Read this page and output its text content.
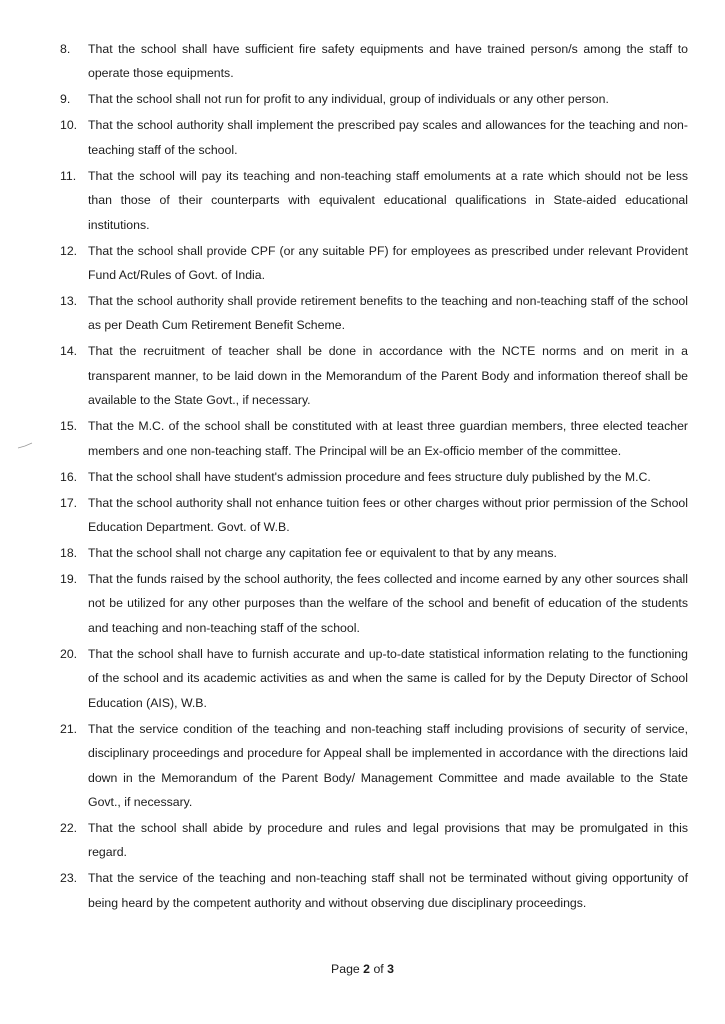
8.	That the school shall have sufficient fire safety equipments and have trained person/s among the staff to operate those equipments.
9.	That the school shall not run for profit to any individual, group of individuals or any other person.
10. That the school authority shall implement the prescribed pay scales and allowances for the teaching and non-teaching staff of the school.
11. That the school will pay its teaching and non-teaching staff emoluments at a rate which should not be less than those of their counterparts with equivalent educational qualifications in State-aided educational institutions.
12. That the school shall provide CPF (or any suitable PF) for employees as prescribed under relevant Provident Fund Act/Rules of Govt. of India.
13. That the school authority shall provide retirement benefits to the teaching and non-teaching staff of the school as per Death Cum Retirement Benefit Scheme.
14. That the recruitment of teacher shall be done in accordance with the NCTE norms and on merit in a transparent manner, to be laid down in the Memorandum of the Parent Body and information thereof shall be available to the State Govt., if necessary.
15. That the M.C. of the school shall be constituted with at least three guardian members, three elected teacher members and one non-teaching staff. The Principal will be an Ex-officio member of the committee.
16. That the school shall have student's admission procedure and fees structure duly published by the M.C.
17. That the school authority shall not enhance tuition fees or other charges without prior permission of the School Education Department. Govt. of W.B.
18. That the school shall not charge any capitation fee or equivalent to that by any means.
19. That the funds raised by the school authority, the fees collected and income earned by any other sources shall not be utilized for any other purposes than the welfare of the school and benefit of education of the students and teaching and non-teaching staff of the school.
20. That the school shall have to furnish accurate and up-to-date statistical information relating to the functioning of the school and its academic activities as and when the same is called for by the Deputy Director of School Education (AIS), W.B.
21. That the service condition of the teaching and non-teaching staff including provisions of security of service, disciplinary proceedings and procedure for Appeal shall be implemented in accordance with the directions laid down in the Memorandum of the Parent Body/ Management Committee and made available to the State Govt., if necessary.
22. That the school shall abide by procedure and rules and legal provisions that may be promulgated in this regard.
23. That the service of the teaching and non-teaching staff shall not be terminated without giving opportunity of being heard by the competent authority and without observing due disciplinary proceedings.
Page 2 of 3
